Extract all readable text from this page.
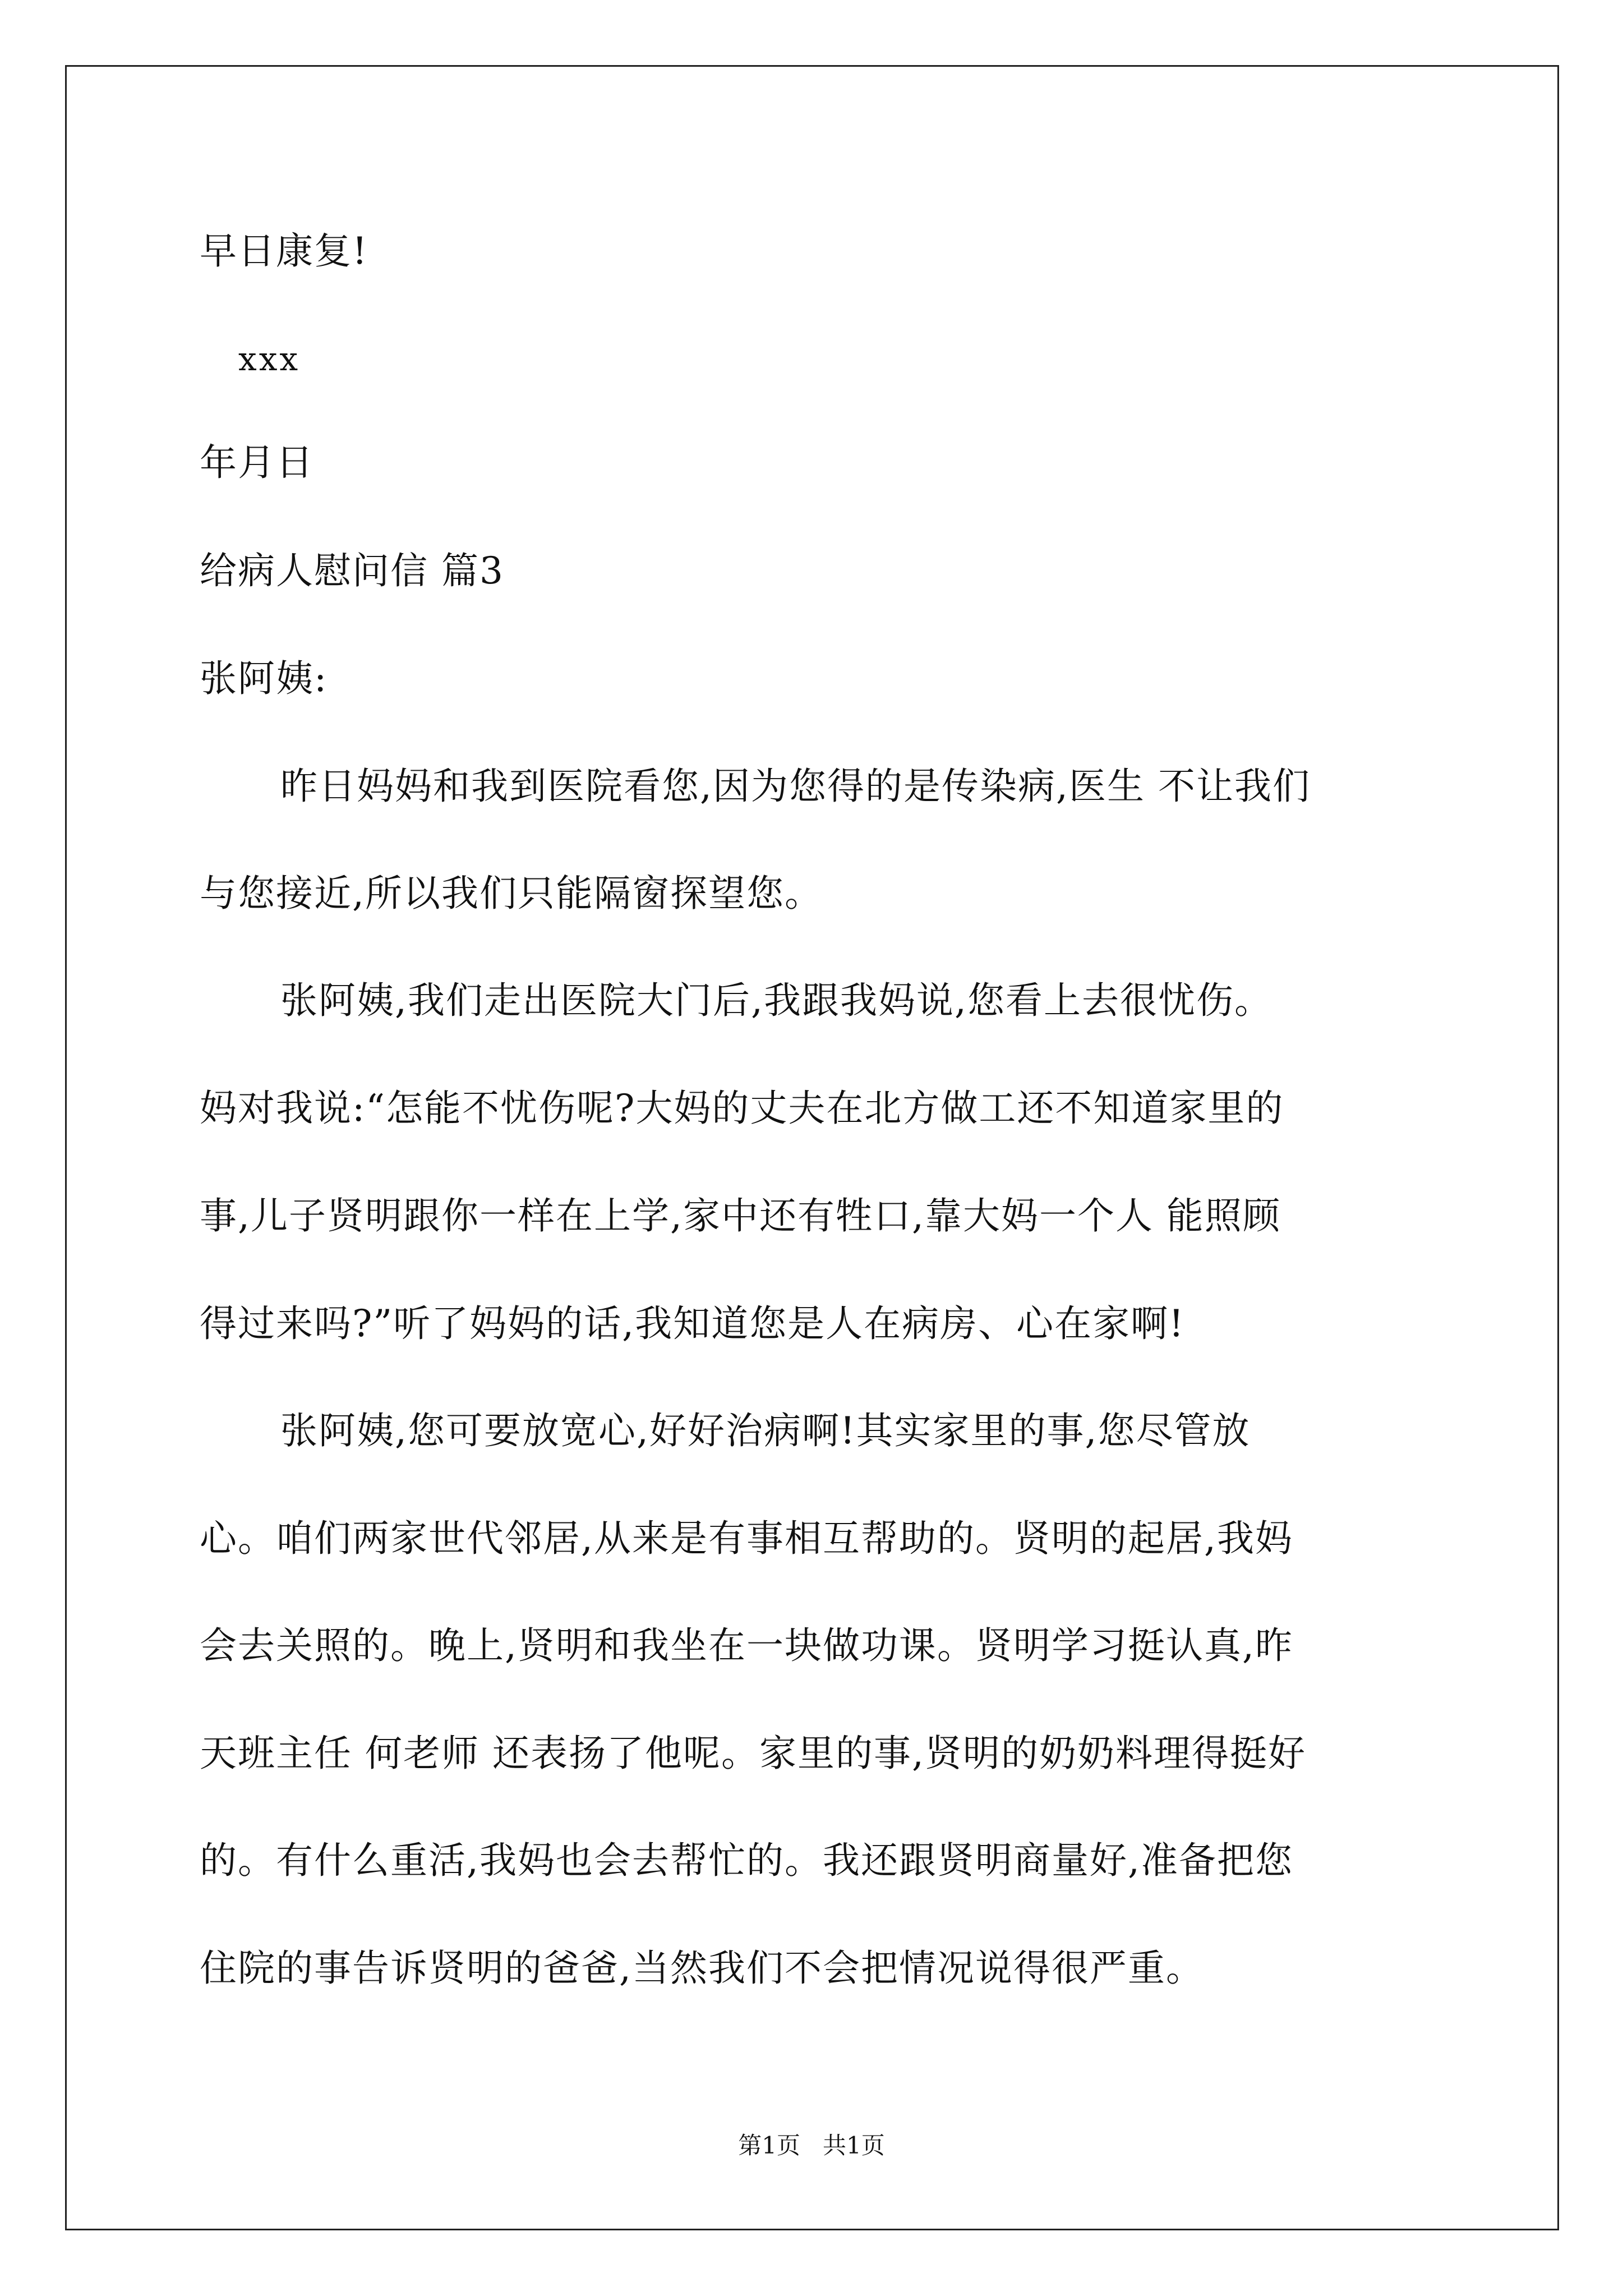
早日康复!
xxx
年月日
给病人慰问信 篇3
张阿姨:
昨日妈妈和我到医院看您,因为您得的是传染病,医生 不让我们
与您接近,所以我们只能隔窗探望您。
张阿姨,我们走出医院大门后,我跟我妈说,您看上去很忧伤。
妈对我说:“怎能不忧伤呢?大妈的丈夫在北方做工还不知道家里的
事,儿子贤明跟你一样在上学,家中还有牲口,靠大妈一个人 能照顾
得过来吗?”听了妈妈的话,我知道您是人在病房、心在家啊!
张阿姨,您可要放宽心,好好治病啊!其实家里的事,您尽管放
心。咱们两家世代邻居,从来是有事相互帮助的。贤明的起居,我妈
会去关照的。晚上,贤明和我坐在一块做功课。贤明学习挺认真,昨
天班主任 何老师 还表扬了他呢。家里的事,贤明的奶奶料理得挺好
的。有什么重活,我妈也会去帮忙的。我还跟贤明商量好,准备把您
住院的事告诉贤明的爸爸,当然我们不会把情况说得很严重。
第1页   共1页
